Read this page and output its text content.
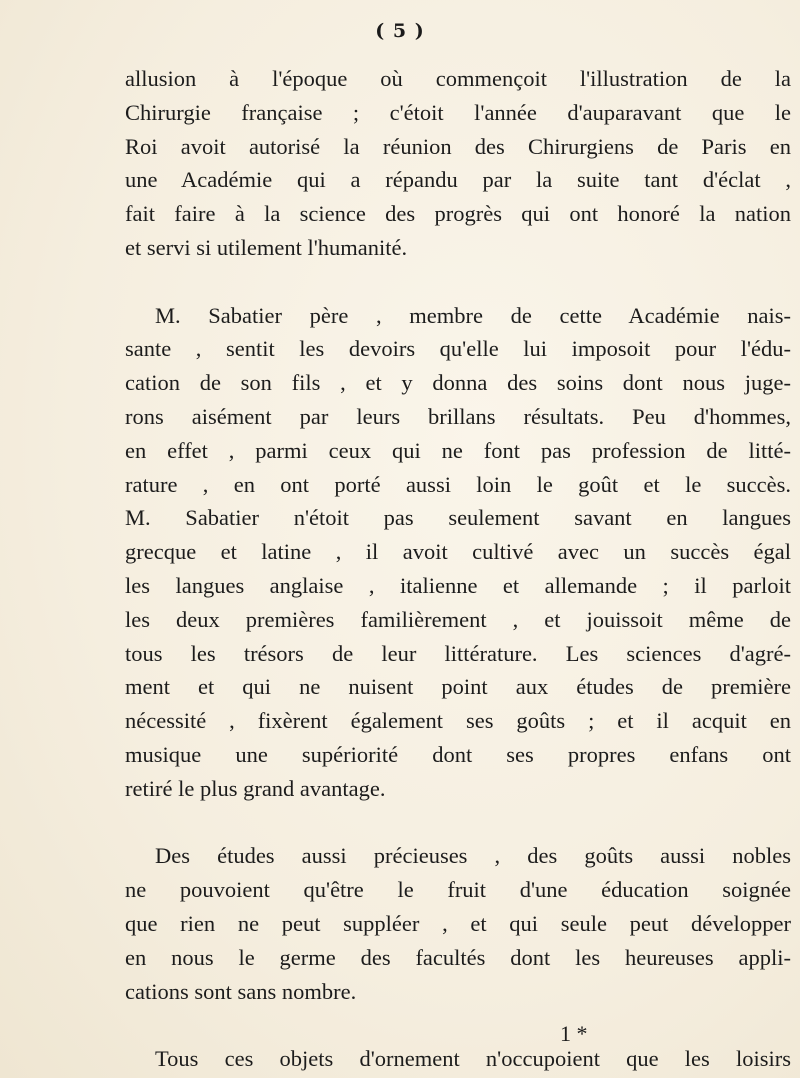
( 5 )
allusion à l'époque où commençoit l'illustration de la
Chirurgie française ; c'étoit l'année d'auparavant que le
Roi avoit autorisé la réunion des Chirurgiens de Paris en
une Académie qui a répandu par la suite tant d'éclat ,
fait faire à la science des progrès qui ont honoré la nation
et servi si utilement l'humanité.
M. Sabatier père , membre de cette Académie nais-
sante , sentit les devoirs qu'elle lui imposoit pour l'édu-
cation de son fils , et y donna des soins dont nous juge-
rons aisément par leurs brillans résultats. Peu d'hommes,
en effet , parmi ceux qui ne font pas profession de litté-
rature , en ont porté aussi loin le goût et le succès.
M. Sabatier n'étoit pas seulement savant en langues
grecque et latine , il avoit cultivé avec un succès égal
les langues anglaise , italienne et allemande ; il parloit
les deux premières familièrement , et jouissoit même de
tous les trésors de leur littérature. Les sciences d'agré-
ment et qui ne nuisent point aux études de première
nécessité , fixèrent également ses goûts ; et il acquit en
musique une supériorité dont ses propres enfans ont
retiré le plus grand avantage.
Des études aussi précieuses , des goûts aussi nobles
ne pouvoient qu'être le fruit d'une éducation soignée
que rien ne peut suppléer , et qui seule peut développer
en nous le germe des facultés dont les heureuses appli-
cations sont sans nombre.
Tous ces objets d'ornement n'occupoient que les loisirs
1 *
